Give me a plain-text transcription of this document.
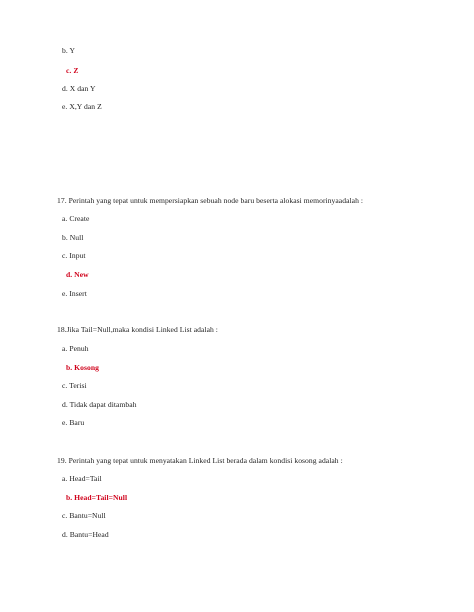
b. Y
c. Z
d. X dan Y
e. X,Y dan Z
17. Perintah yang tepat untuk mempersiapkan sebuah node baru beserta alokasi memorinyaadalah :
a. Create
b. Null
c. Input
d. New
e. Insert
18.Jika Tail=Null,maka kondisi Linked List adalah :
a. Penuh
b. Kosong
c. Terisi
d. Tidak dapat ditambah
e. Baru
19. Perintah yang tepat untuk menyatakan Linked List berada dalam kondisi kosong adalah :
a. Head=Tail
b. Head=Tail=Null
c. Bantu=Null
d. Bantu=Head
